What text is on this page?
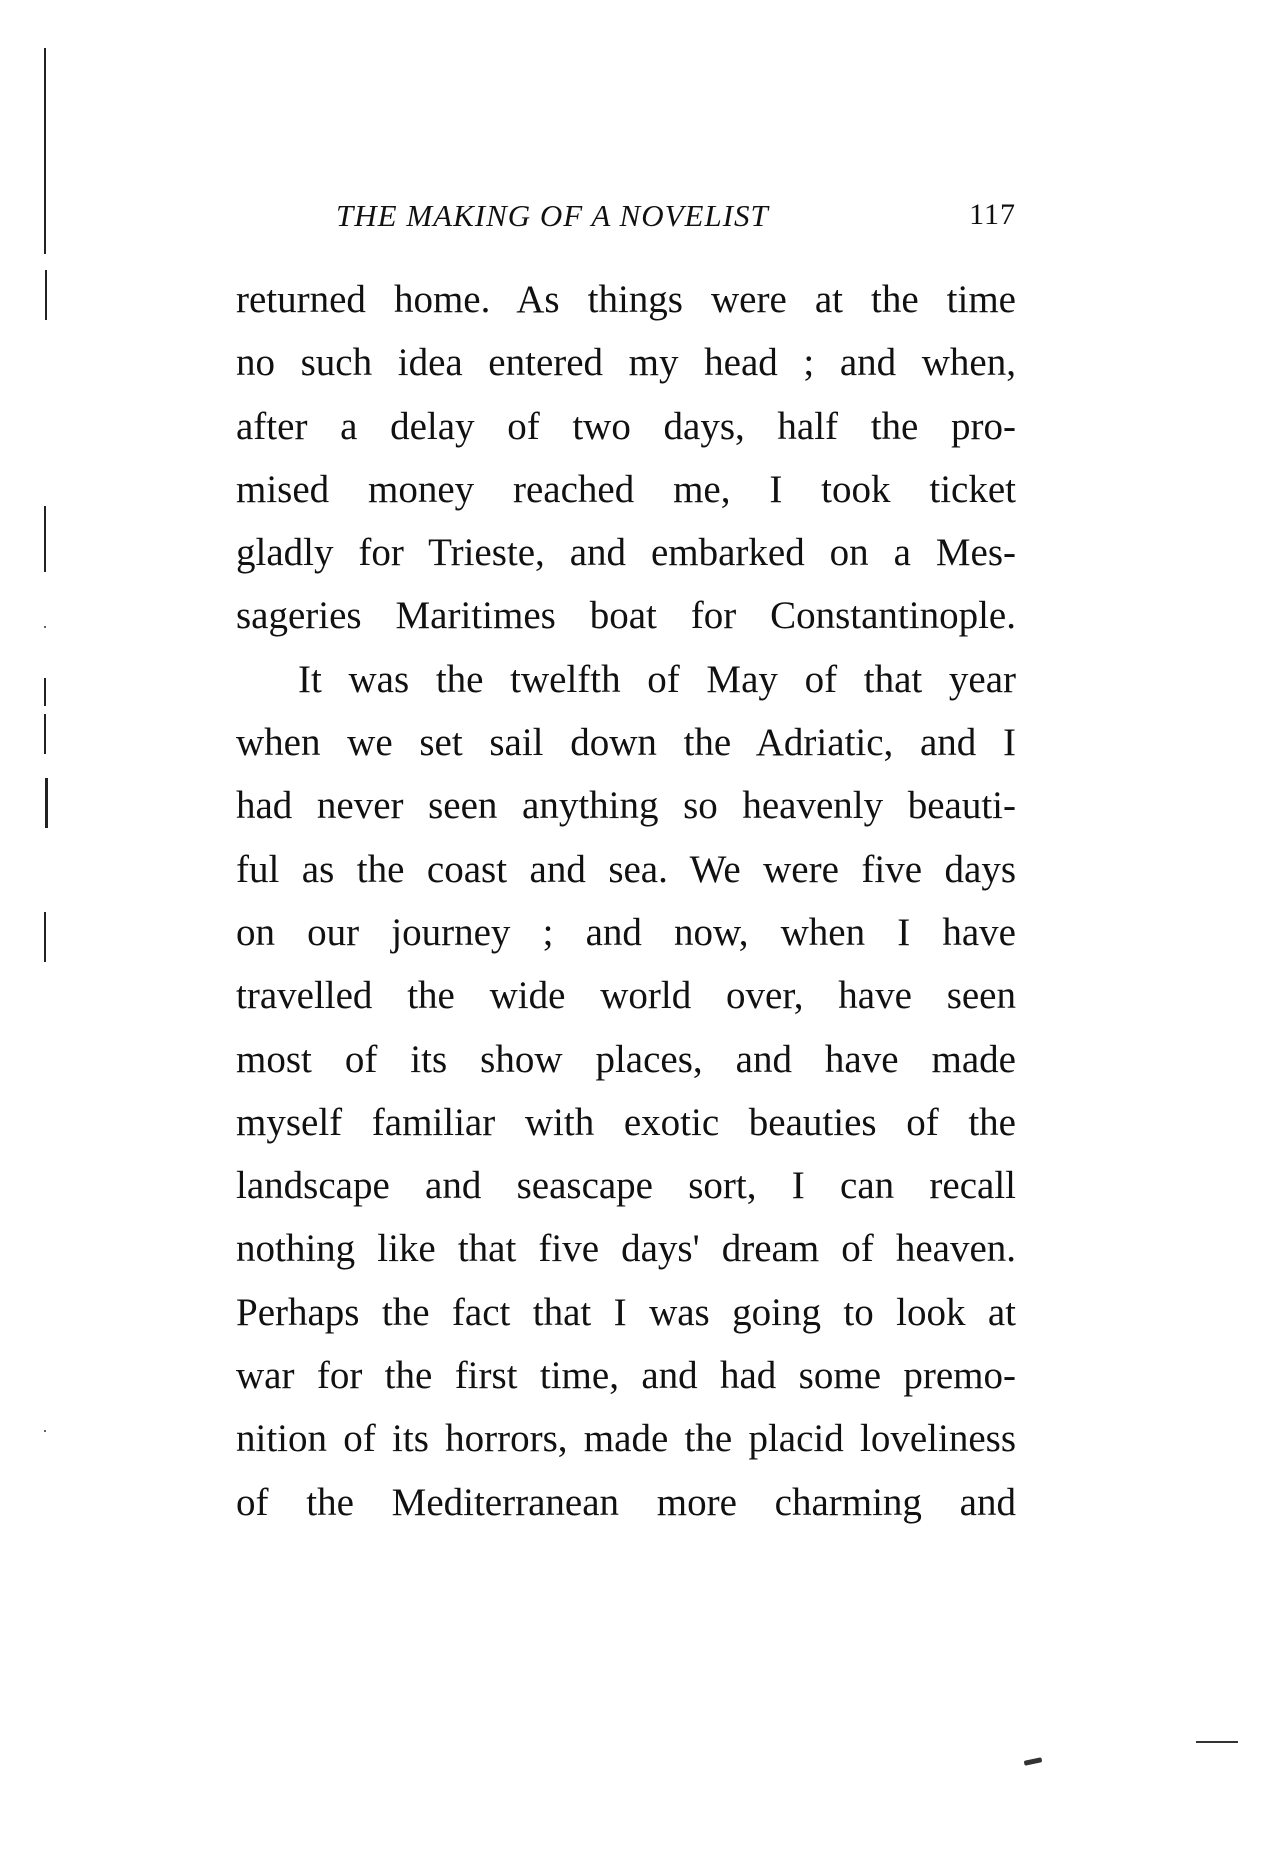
THE MAKING OF A NOVELIST	117
returned home. As things were at the time
no such idea entered my head ; and when,
after a delay of two days, half the pro-
mised money reached me, I took ticket
gladly for Trieste, and embarked on a Mes-
sageries Maritimes boat for Constantinople.
It was the twelfth of May of that year
when we set sail down the Adriatic, and I
had never seen anything so heavenly beauti-
ful as the coast and sea. We were five days
on our journey ; and now, when I have
travelled the wide world over, have seen
most of its show places, and have made
myself familiar with exotic beauties of the
landscape and seascape sort, I can recall
nothing like that five days' dream of heaven.
Perhaps the fact that I was going to look at
war for the first time, and had some premo-
nition of its horrors, made the placid loveliness
of the Mediterranean more charming and
